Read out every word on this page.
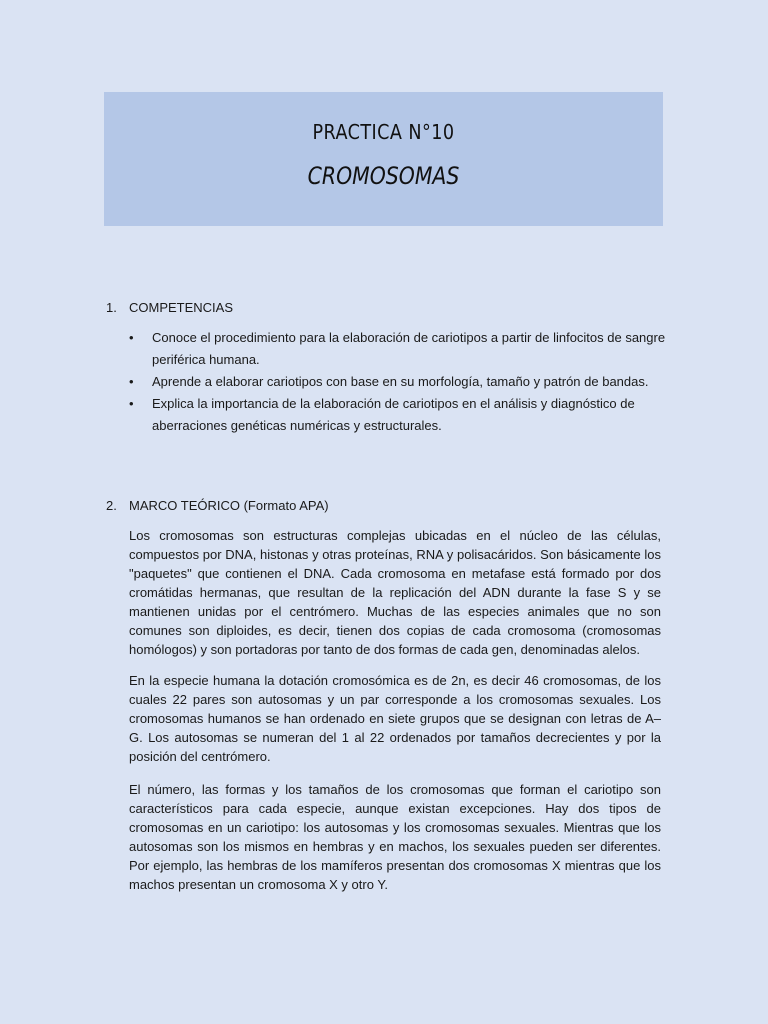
PRACTICA N°10
CROMOSOMAS
1. COMPETENCIAS
• Conoce el procedimiento para la elaboración de cariotipos a partir de linfocitos de sangre periférica humana.
• Aprende a elaborar cariotipos con base en su morfología, tamaño y patrón de bandas.
• Explica la importancia de la elaboración de cariotipos en el análisis y diagnóstico de aberraciones genéticas numéricas y estructurales.
2. MARCO TEÓRICO (Formato APA)

Los cromosomas son estructuras complejas ubicadas en el núcleo de las células, compuestos por DNA, histonas y otras proteínas, RNA y polisacáridos. Son básicamente los "paquetes" que contienen el DNA. Cada cromosoma en metafase está formado por dos cromátidas hermanas, que resultan de la replicación del ADN durante la fase S y se mantienen unidas por el centrómero. Muchas de las especies animales que no son comunes son diploides, es decir, tienen dos copias de cada cromosoma (cromosomas homólogos) y son portadoras por tanto de dos formas de cada gen, denominadas alelos.

En la especie humana la dotación cromosómica es de 2n, es decir 46 cromosomas, de los cuales 22 pares son autosomas y un par corresponde a los cromosomas sexuales. Los cromosomas humanos se han ordenado en siete grupos que se designan con letras de A–G. Los autosomas se numeran del 1 al 22 ordenados por tamaños decrecientes y por la posición del centrómero.

El número, las formas y los tamaños de los cromosomas que forman el cariotipo son característicos para cada especie, aunque existan excepciones. Hay dos tipos de cromosomas en un cariotipo: los autosomas y los cromosomas sexuales. Mientras que los autosomas son los mismos en hembras y en machos, los sexuales pueden ser diferentes. Por ejemplo, las hembras de los mamíferos presentan dos cromosomas X mientras que los machos presentan un cromosoma X y otro Y.
